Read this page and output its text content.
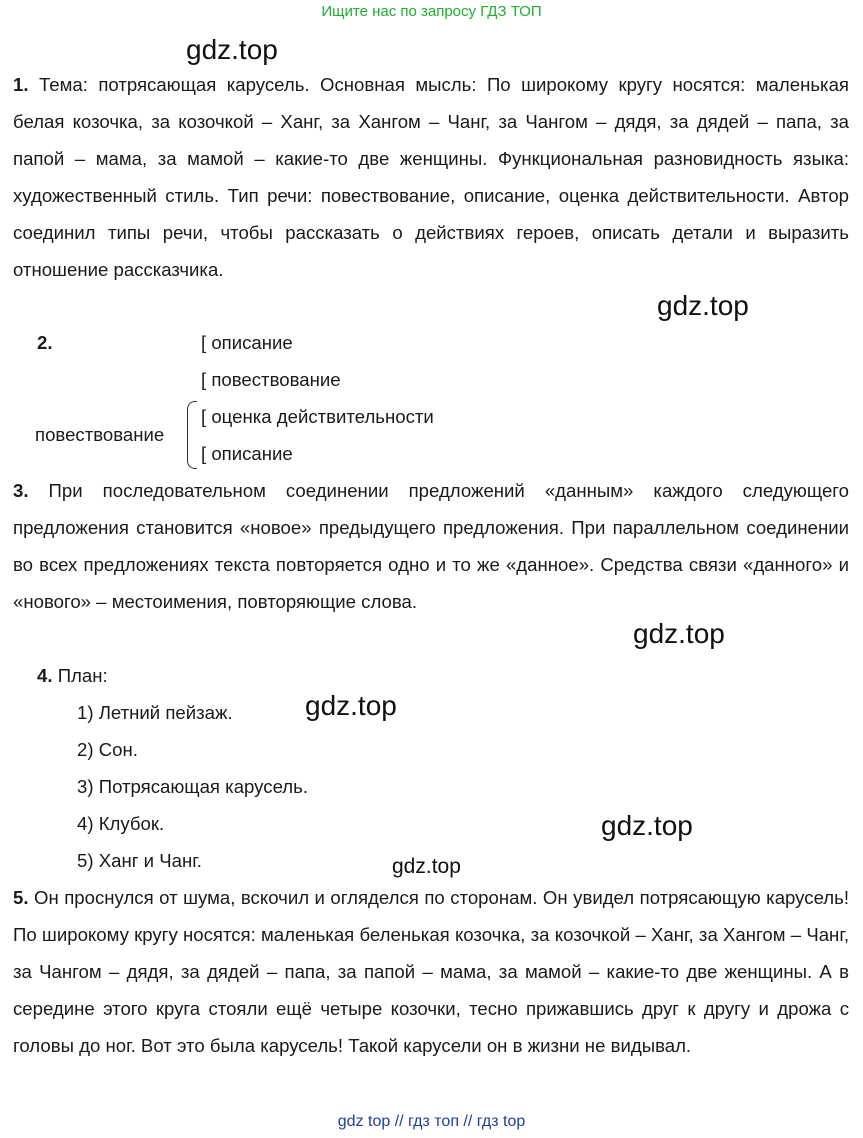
Ищите нас по запросу ГДЗ ТОП
gdz.top

1. Тема: потрясающая карусель. Основная мысль: По широкому кругу носятся: маленькая белая козочка, за козочкой – Ханг, за Хангом – Чанг, за Чангом – дядя, за дядей – папа, за папой – мама, за мамой – какие-то две женщины. Функциональная разновидность языка: художественный стиль. Тип речи: повествование, описание, оценка действительности. Автор соединил типы речи, чтобы рассказать о действиях героев, описать детали и выразить отношение рассказчика.

gdz.top
2.	[ описание
[ повествование
повествование
[ оценка действительности
[ описание

3. При последовательном соединении предложений «данным» каждого следующего предложения становится «новое» предыдущего предложения. При параллельном соединении во всех предложениях текста повторяется одно и то же «данное». Средства связи «данного» и «нового» – местоимения, повторяющие слова.

gdz.top
4. План:
1) Летний пейзаж.	gdz.top
2) Сон.
3) Потрясающая карусель.
4) Клубок.	gdz.top
5) Ханг и Чанг.	gdz.top

5. Он проснулся от шума, вскочил и огляделся по сторонам. Он увидел потрясающую карусель! По широкому кругу носятся: маленькая беленькая козочка, за козочкой – Ханг, за Хангом – Чанг, за Чангом – дядя, за дядей – папа, за папой – мама, за мамой – какие-то две женщины. А в середине этого круга стояли ещё четыре козочки, тесно прижавшись друг к другу и дрожа с головы до ног. Вот это была карусель! Такой карусели он в жизни не видывал.

gdz top // гдз топ // гдз top
